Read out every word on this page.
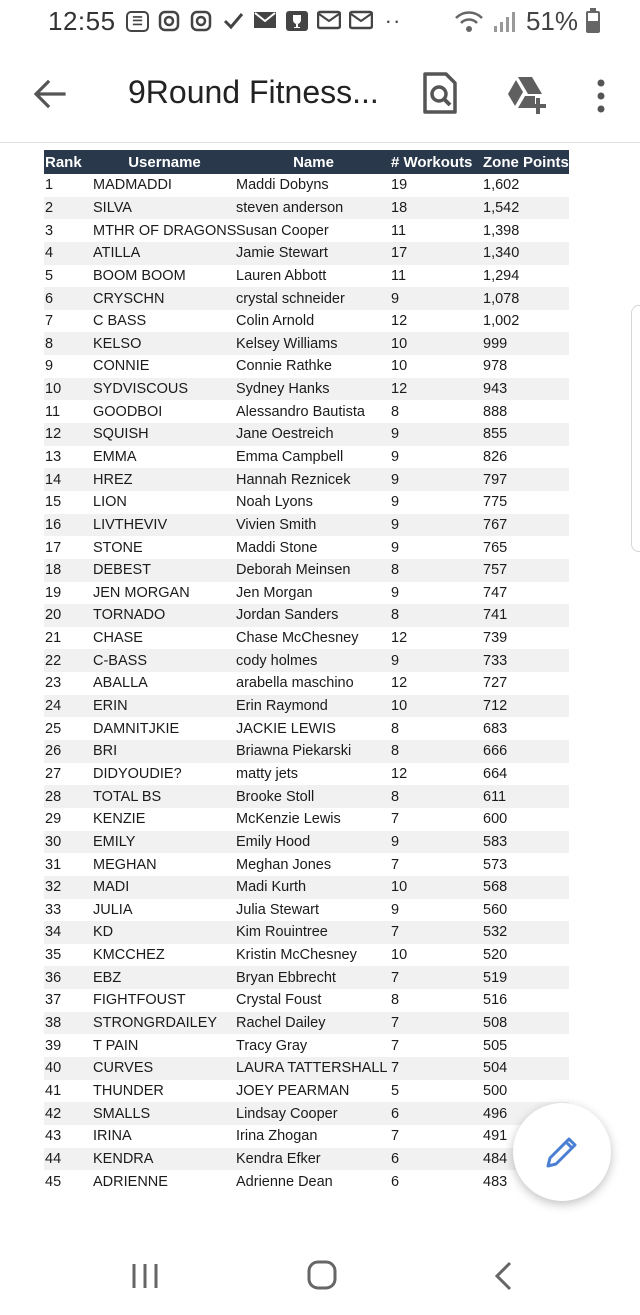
12:55	☰	··	51%
9Round Fitness...
Rank	Username	Name	# Workouts	Zone Points
1	MADMADDI	Maddi Dobyns	19	1,602
2	SILVA	steven anderson	18	1,542
3	MTHR OF DRAGONS	Susan Cooper	11	1,398
4	ATILLA	Jamie Stewart	17	1,340
5	BOOM BOOM	Lauren Abbott	11	1,294
6	CRYSCHN	crystal schneider	9	1,078
7	C BASS	Colin Arnold	12	1,002
8	KELSO	Kelsey Williams	10	999
9	CONNIE	Connie Rathke	10	978
10	SYDVISCOUS	Sydney Hanks	12	943
11	GOODBOI	Alessandro Bautista	8	888
12	SQUISH	Jane Oestreich	9	855
13	EMMA	Emma Campbell	9	826
14	HREZ	Hannah Reznicek	9	797
15	LION	Noah Lyons	9	775
16	LIVTHEVIV	Vivien Smith	9	767
17	STONE	Maddi Stone	9	765
18	DEBEST	Deborah Meinsen	8	757
19	JEN MORGAN	Jen Morgan	9	747
20	TORNADO	Jordan Sanders	8	741
21	CHASE	Chase McChesney	12	739
22	C-BASS	cody holmes	9	733
23	ABALLA	arabella maschino	12	727
24	ERIN	Erin Raymond	10	712
25	DAMNITJKIE	JACKIE LEWIS	8	683
26	BRI	Briawna Piekarski	8	666
27	DIDYOUDIE?	matty jets	12	664
28	TOTAL BS	Brooke Stoll	8	611
29	KENZIE	McKenzie Lewis	7	600
30	EMILY	Emily Hood	9	583
31	MEGHAN	Meghan Jones	7	573
32	MADI	Madi Kurth	10	568
33	JULIA	Julia Stewart	9	560
34	KD	Kim Rouintree	7	532
35	KMCCHEZ	Kristin McChesney	10	520
36	EBZ	Bryan Ebbrecht	7	519
37	FIGHTFOUST	Crystal Foust	8	516
38	STRONGRDAILEY	Rachel Dailey	7	508
39	T PAIN	Tracy Gray	7	505
40	CURVES	LAURA TATTERSHALL	7	504
41	THUNDER	JOEY PEARMAN	5	500
42	SMALLS	Lindsay Cooper	6	496
43	IRINA	Irina Zhogan	7	491
44	KENDRA	Kendra Efker	6	484
45	ADRIENNE	Adrienne Dean	6	483
